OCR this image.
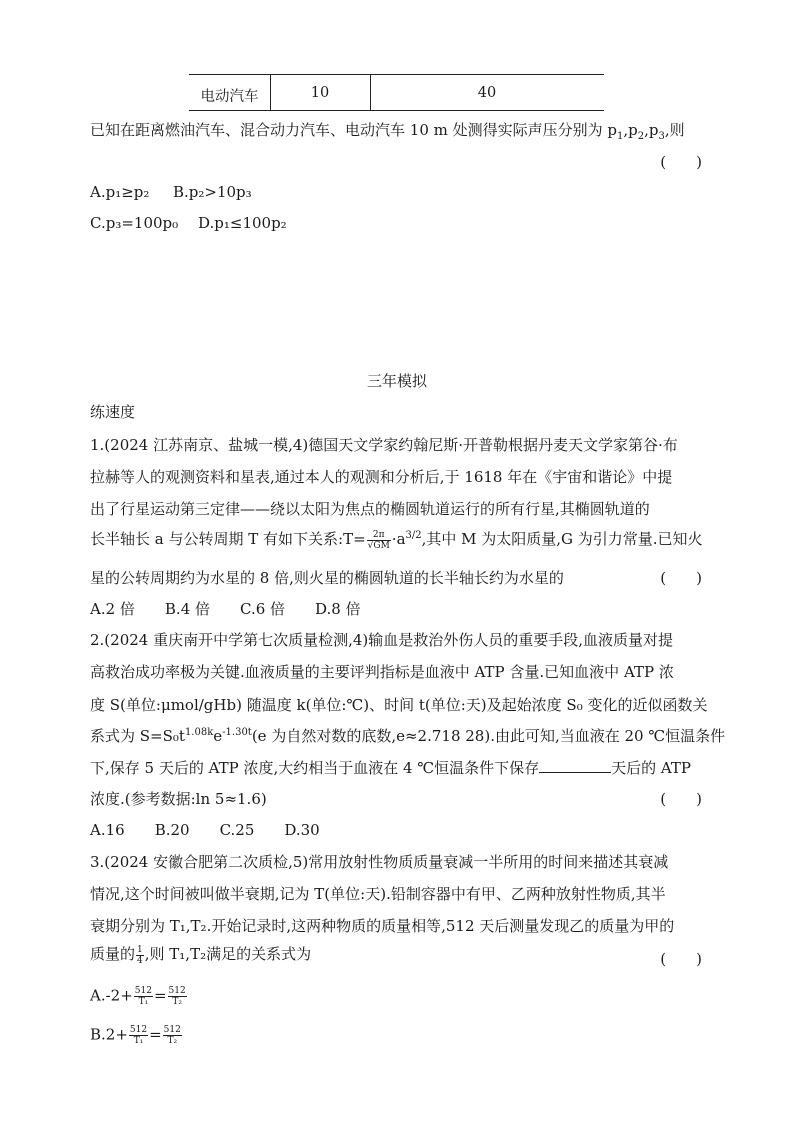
电动汽车	10	40
已知在距离燃油汽车、混合动力汽车、电动汽车 10 m 处测得实际声压分别为 $p_1,p_2,p_3$,则
(　　)
A.p₁≥p₂ B.p₂>10p₃
C.p₃=100p₀ D.p₁≤100p₂
三年模拟
练速度
1.(2024 江苏南京、盐城一模,4)德国天文学家约翰尼斯·开普勒根据丹麦天文学家第谷·布
拉赫等人的观测资料和星表,通过本人的观测和分析后,于 1618 年在《宇宙和谐论》中提
出了行星运动第三定律——绕以太阳为焦点的椭圆轨道运行的所有行星,其椭圆轨道的
长半轴长 a 与公转周期 T 有如下关系:T= $\frac{2\pi}{√GM} \cdot a^{3/2}$,其中 M 为太阳质量,G 为引力常量.已知火
星的公转周期约为水星的 8 倍,则火星的椭圆轨道的长半轴长约为水星的	(　　)
A.2 倍　　B.4 倍　　C.6 倍　　D.8 倍
2.(2024 重庆南开中学第七次质量检测,4)输血是救治外伤人员的重要手段,血液质量对提
高救治成功率极为关键.血液质量的主要评判指标是血液中 ATP 含量.已知血液中 ATP 浓
度 S(单位:μmol/gHb) 随温度 k(单位:℃)、时间 t(单位:天)及起始浓度 S₀ 变化的近似函数关
系式为 $S=S_0t^{1.08k}e^{-1.30t}(e$ 为自然对数的底数,e≈2.718 28).由此可知,当血液在 20 ℃恒温条件
下,保存 5 天后的 ATP 浓度,大约相当于血液在 4 ℃恒温条件下保存	天后的 ATP
浓度.(参考数据:ln 5≈1.6)	(　　)
A.16　　B.20　　C.25　　D.30
3.(2024 安徽合肥第二次质检,5)常用放射性物质质量衰减一半所用的时间来描述其衰减
情况,这个时间被叫做半衰期,记为 T(单位:天).铅制容器中有甲、乙两种放射性物质,其半
衰期分别为 T₁,T₂.开始记录时,这两种物质的质量相等,512 天后测量发现乙的质量为甲的
质量的 $\frac{1}{4}$ ,则 T₁,T₂满足的关系式为	(　　)
$A.-2+ \frac{512}{\text{T₁}} = \frac{512}{\text{T₂}}$
$B.2+ \frac{512}{\text{T₁}} = \frac{512}{\text{T₂}}$
